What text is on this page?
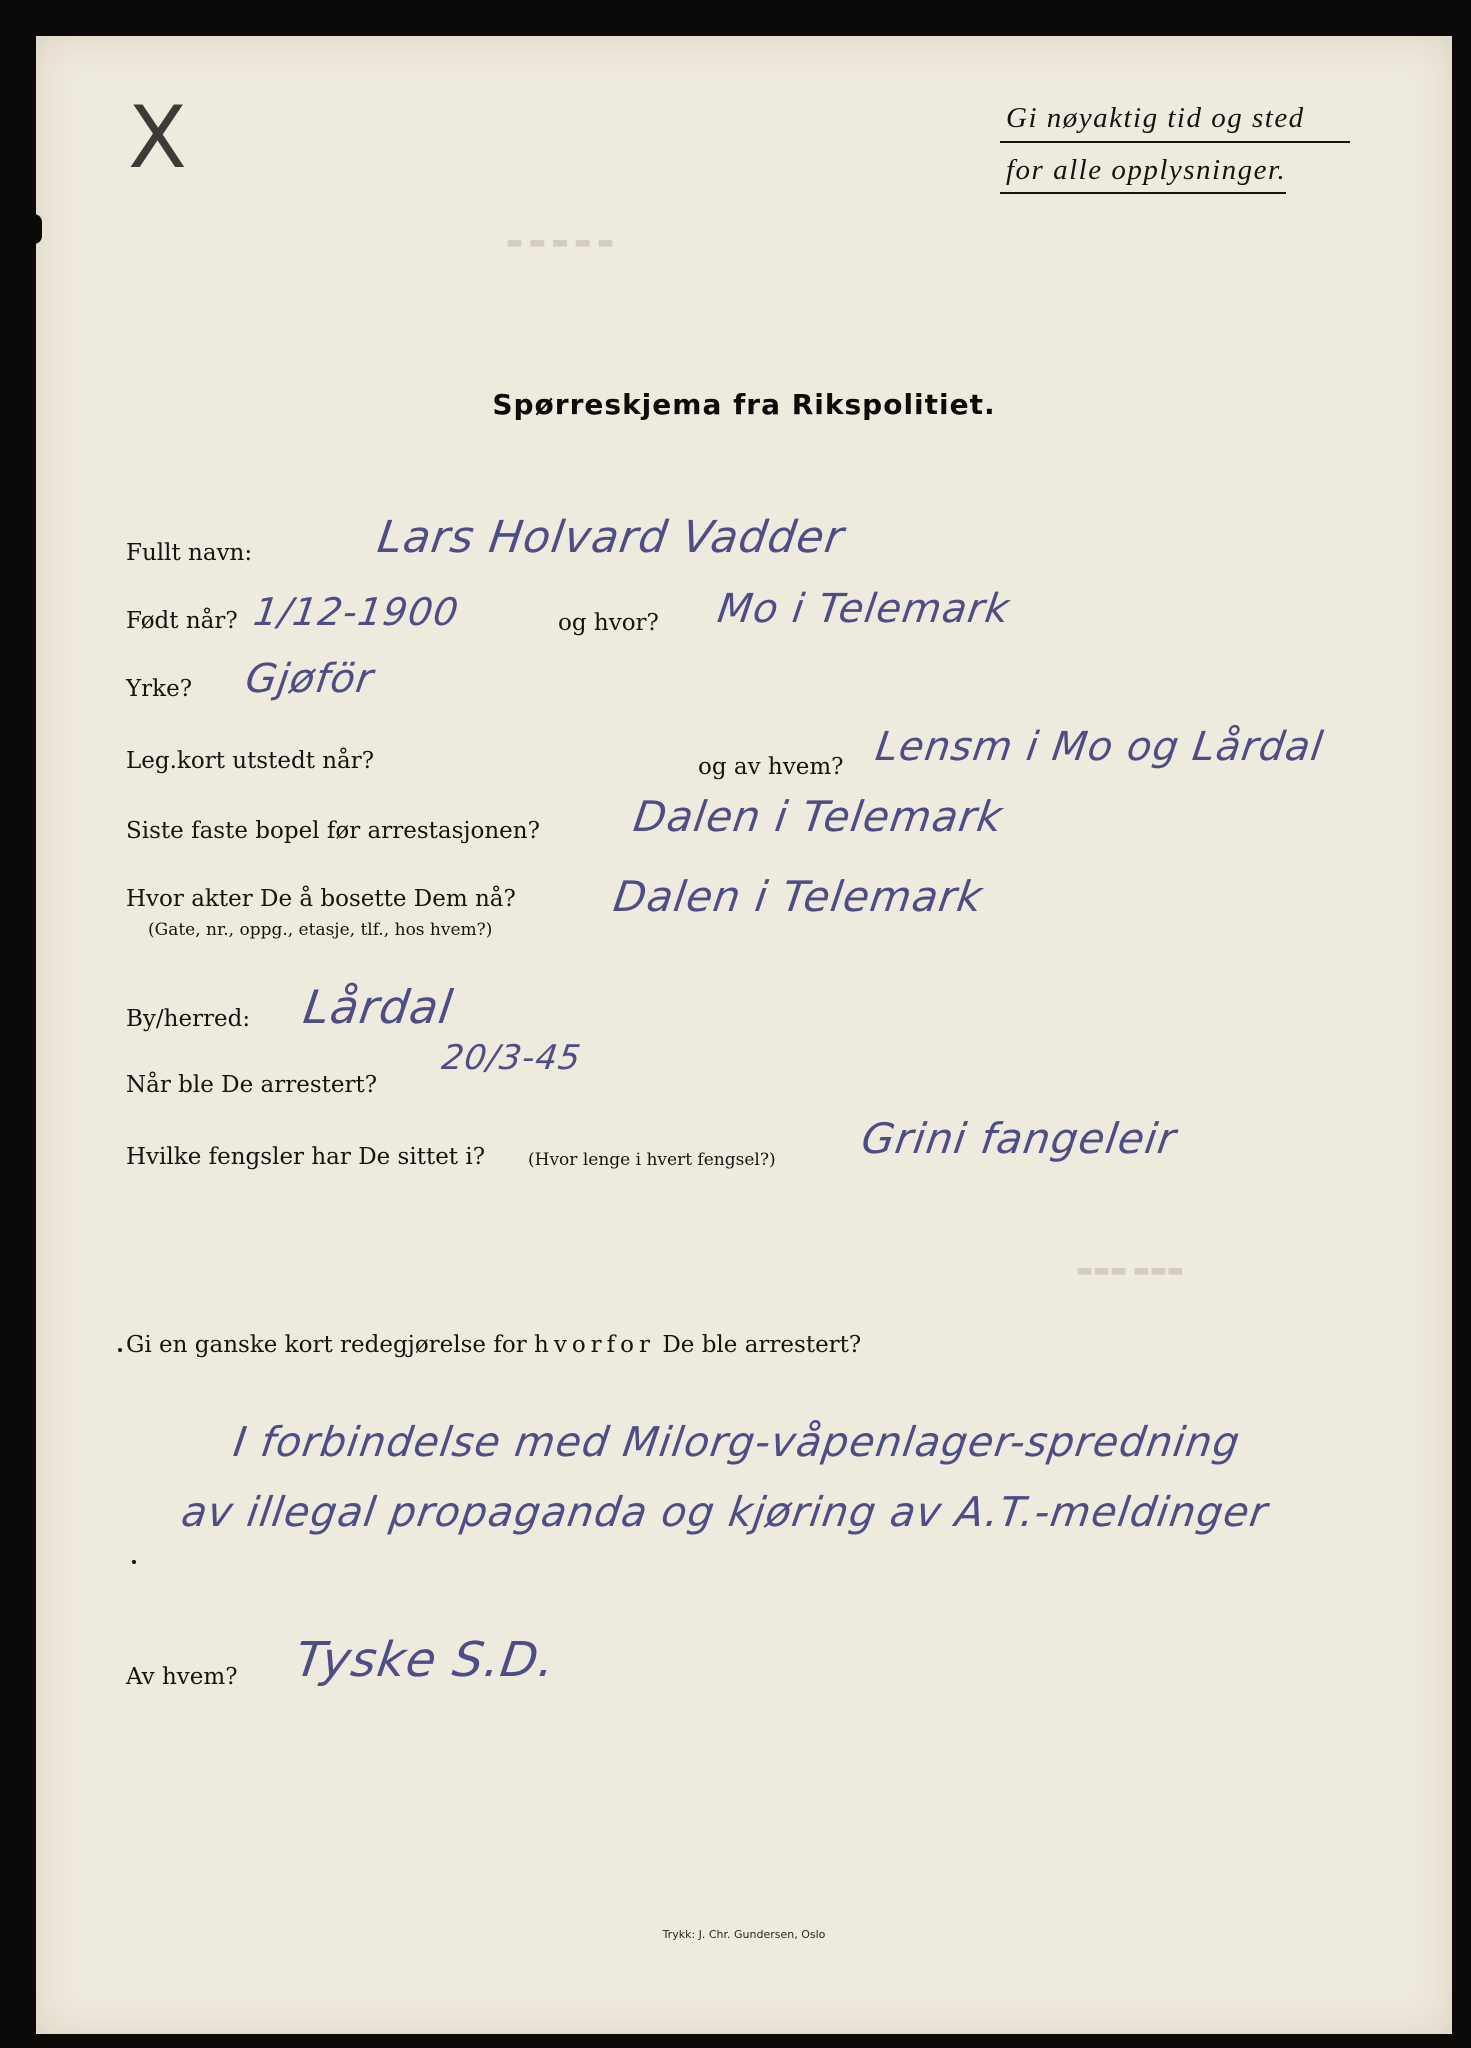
X	Gi nøyaktig tid og sted
for alle opplysninger.
▬ ▬ ▬ ▬ ▬
Spørreskjema fra Rikspolitiet.
Fullt navn:	Lars Holvard Vadder
Født når? 1/12-1900	og hvor? Mo i Telemark
Yrke? Gjøför
Leg.kort utstedt når?	og av hvem? Lensm i Mo og Lårdal
Siste faste bopel før arrestasjonen? Dalen i Telemark
Hvor akter De å bosette Dem nå?
(Gate, nr., oppg., etasje, tlf., hos hvem?)
Dalen i Telemark
By/herred: Lårdal
Når ble De arrestert?
20/3-45
Hvilke fengsler har De sittet i?	(Hvor lenge i hvert fengsel?) Grini fangeleir
▬▬▬ ▬▬▬
Gi en ganske kort redegjørelse for hvorfor De ble arrestert?
I forbindelse med Milorg-våpenlager-spredning
av illegal propaganda og kjøring av A.T.-meldinger
Av hvem? Tyske S.D.
Trykk: J. Chr. Gundersen, Oslo
